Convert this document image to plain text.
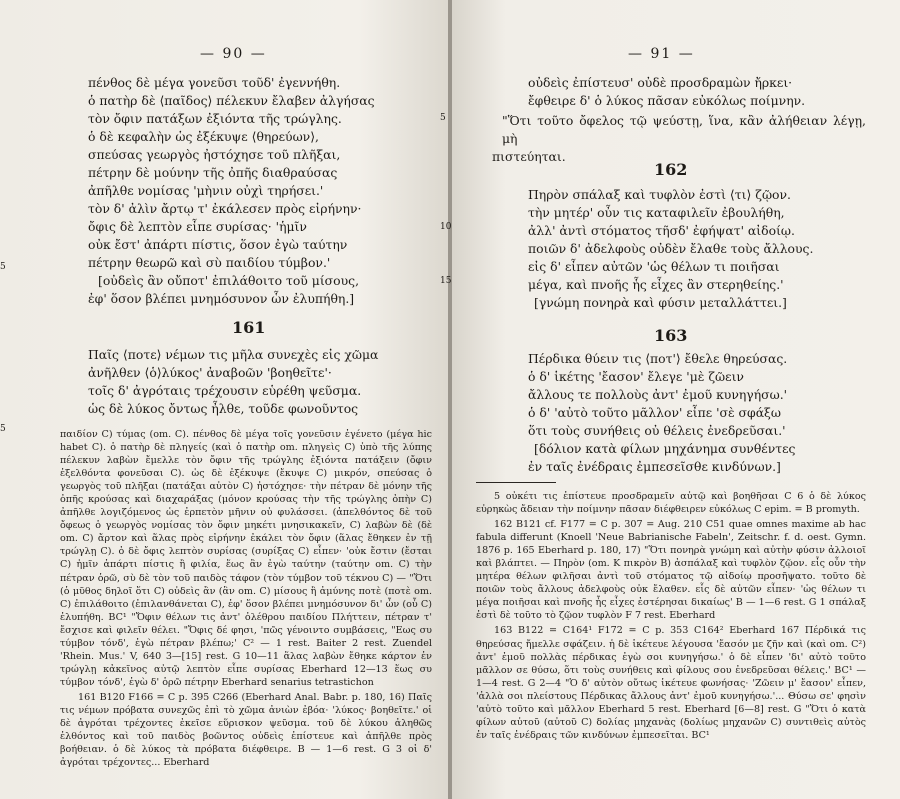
— 90 —
πένθος δὲ μέγα γονεῦσι τοῦδ' ἐγεννήθη.
ὁ πατὴρ δὲ ⟨παῖδος⟩ πέλεκυν ἔλαβεν ἀλγήσας
τὸν ὄφιν πατάξων ἐξιόντα τῆς τρώγλης.
ὁ δὲ κεφαλὴν ὡς ἐξέκυψε ⟨θηρεύων⟩,
σπεύσας γεωργὸς ἠστόχησε τοῦ πλῆξαι,
πέτρην δὲ μούνην τῆς ὀπῆς διαθραύσας
ἀπῆλθε νομίσας 'μὴνιν οὐχὶ τηρήσει.'
τὸν δ' ἀλὶν ἄρτῳ τ' ἐκάλεσεν πρὸς εἰρήνην·
ὄφις δὲ λεπτὸν εἶπε συρίσας· 'ἡμῖν
οὐκ ἔστ' ἀπάρτι πίστις, ὅσον ἐγὼ ταύτην
πέτρην θεωρῶ καὶ σὺ παιδίου τύμβον.'
[οὐδεὶς ἂν οὔποτ' ἐπιλάθοιτο τοῦ μίσους,
ἐφ' ὅσον βλέπει μνημόσυνον ὧν ἐλυπήθη.]
5
10
15
161
Παῖς ⟨ποτε⟩ νέμων τις μῆλα συνεχὲς εἰς χῶμα
ἀνῆλθεν ⟨ὁ⟩λύκος' ἀναβοῶν 'βοηθεῖτε'·
τοῖς δ' ἀγρόταις τρέχουσιν εὑρέθη ψεῦσμα.
ὡς δὲ λύκος ὄντως ἦλθε, τοῦδε φωνοῦντος

παιδίον C) τύμας (om. C). πένθος δὲ μέγα τοῖς γονεῦσιν ἐγένετο (μέγα hic habet C). ὁ πατὴρ δὲ πληγείς (καὶ ὁ πατὴρ om. πληγεὶς C) ὑπὸ τῆς λύπης πέλεκυν λαβὼν ἔμελλε τὸν ὄφιν τῆς τρώγλης ἐξιόντα πατάξειν (ὄφιν ἐξελθόντα φονεῦσαι C). ὡς δὲ ἐξέκυψε (ἔκυψε C) μικρόν, σπεύσας ὁ γεωργὸς τοῦ πλῆξαι (πατάξαι αὐτὸν C) ἠστόχησε· τὴν πέτραν δὲ μόνην τῆς ὀπῆς κρούσας καὶ διαχαράξας (μόνον κρούσας τὴν τῆς τρώγλης ὀπὴν C) ἀπῆλθε λογιζόμενος ὡς ἐρπετὸν μῆνιν οὐ φυλάσσει. (ἀπελθόντος δὲ τοῦ ὄφεως ὁ γεωργὸς νομίσας τὸν ὄφιν μηκέτι μνησικακεῖν, C) λαβὼν δὲ (δὲ om. C) ἄρτον καὶ ἅλας πρὸς εἰρήνην ἐκάλει τὸν ὄφιν (ἅλας ἔθηκεν ἐν τῇ τρώγλῃ C). ὁ δὲ ὄφις λεπτὸν συρίσας (συρίξας C) εἶπεν· 'οὐκ ἔστιν (ἔσται C) ἡμῖν ἀπάρτι πίστις ἢ φιλία, ἕως ἂν ἐγὼ ταύτην (ταύτην om. C) τὴν πέτραν ὁρῶ, σὺ δὲ τὸν τοῦ παιδὸς τάφον (τὸν τύμβον τοῦ τέκνου C) — "Ὅτι (ὁ μῦθος δηλοῖ ὅτι C) οὐδεὶς ἂν (ἂν om. C) μίσους ἢ ἀμύνης ποτὲ (ποτὲ om. C) ἐπιλάθοιτο (ἐπιλανθάνεται C), ἐφ' ὅσον βλέπει μνημόσυνον δι' ὧν (οὗ C) ἐλυπήθη. BC¹ "Ὄφιν θέλων τις ἀντ' ὀλέθρου παιδίου Πλήττειν, πέτραν τ' ἔσχισε καὶ φιλεῖν θέλει. "Ὄφις δέ φησι, 'πῶς γένοιντο συμβάσεις, "Εως συ τύμβον τόνδ', ἐγὼ πέτραν βλέπω;' C² — 1 rest. Baiter 2 rest. Zuendel 'Rhein. Mus.' V, 640 3—[15] rest. G 10—11 ἅλας λαβὼν ἔθηκε κάρτον ἐν τρώγλῃ κἀκεῖνος αὐτῷ λεπτὸν εἶπε συρίσας Eberhard 12—13 ἕως συ τύμβον τόνδ', ἐγὼ δ' ὁρῶ πέτρην Eberhard senarius tetrastichon

161 B120 F166 = C p. 395 C266 (Eberhard Anal. Babr. p. 180, 16) Παῖς τις νέμων πρόβατα συνεχῶς ἐπὶ τὸ χῶμα ἀνιὼν ἐβόα· 'λύκος· βοηθεῖτε.' οἱ δὲ ἀγρόται τρέχοντες ἐκεῖσε εὕρισκον ψεῦσμα. τοῦ δὲ λύκου ἀληθῶς ἐλθόντος καὶ τοῦ παιδὸς βοῶντος οὐδεὶς ἐπίστευε καὶ ἀπῆλθε πρὸς βοήθειαν. ὁ δὲ λύκος τὰ πρόβατα διέφθειρε. B — 1—6 rest. G 3 οἱ δ' ἀγρόται τρέχοντες... Eberhard

— 91 —
οὐδεὶς ἐπίστευσ' οὐδὲ προσδραμὼν ἤρκει·
ἔφθειρε δ' ὁ λύκος πᾶσαν εὐκόλως ποίμνην.
"Ὅτι τοῦτο ὄφελος τῷ ψεύστῃ, ἵνα, κἂν ἀλήθειαν λέγῃ, μὴ
πιστεύηται.
162
Πηρὸν σπάλαξ καὶ τυφλὸν ἐστὶ ⟨τι⟩ ζῷον.
τὴν μητέρ' οὖν τις καταφιλεῖν ἐβουλήθη,
ἀλλ' ἀντὶ στόματος τῆσδ' ἐφήψατ' αἰδοίῳ.
ποιῶν δ' ἀδελφοὺς οὐδὲν ἔλαθε τοὺς ἄλλους.
εἰς δ' εἶπεν αὐτῶν 'ὡς θέλων τι ποιῆσαι
μέγα, καὶ πνοῆς ἧς εἶχες ἂν στερηθείης.'
[γνώμη πονηρὰ καὶ φύσιν μεταλλάττει.]
5
163
Πέρδικα θύειν τις ⟨ποτ'⟩ ἔθελε θηρεύσας.
ὁ δ' ἱκέτης 'ἔασον' ἔλεγε 'μὲ ζῶειν
ἄλλους τε πολλοὺς ἀντ' ἐμοῦ κυνηγήσω.'
ὁ δ' 'αὐτὸ τοῦτο μᾶλλον' εἶπε 'σὲ σφάξω
ὅτι τοὺς συνήθεις οὐ θέλεις ἐνεδρεῦσαι.'
[δόλιον κατὰ φίλων μηχάνημα συνθέντες
ἐν ταῖς ἐνέδραις ἐμπεσεῖσθε κινδύνων.]
5

5 οὐκέτι τις ἐπίστευε προσδραμεῖν αὐτῷ καὶ βοηθῆσαι C 6 ὁ δὲ λύκος εὐρηκὼς ἄδειαν τὴν ποίμνην πᾶσαν διέφθειρεν εὐκόλως C epim. = B promyth.

162 B121 cf. F177 = C p. 307 = Aug. 210 C51 quae omnes maxime ab hac fabula differunt (Knoell 'Neue Babrianische Fabeln', Zeitschr. f. d. oest. Gymn. 1876 p. 165 Eberhard p. 180, 17) "Ὅτι πονηρὰ γνώμη καὶ αὐτὴν φύσιν ἀλλοιοῖ καὶ βλάπτει. — Πηρὸν (om. K πικρὸν B) ἀσπάλαξ καὶ τυφλὸν ζῷον. εἷς οὖν τὴν μητέρα θέλων φιλῆσαι ἀντὶ τοῦ στόματος τῷ αἰδοίῳ προσῆψατο. τοῦτο δὲ ποιῶν τοὺς ἄλλους ἀδελφοὺς οὐκ ἔλαθεν. εἷς δὲ αὐτῶν εἶπεν· 'ὡς θέλων τι μέγα ποιῆσαι καὶ πνοῆς ἧς εἶχες ἐστέρησαι δικαίως' B — 1—6 rest. G 1 σπάλαξ ἐστὶ δὲ τοῦτο τὸ ζῷον τυφλὸν F 7 rest. Eberhard

163 B122 = C164¹ F172 = C p. 353 C164² Eberhard 167 Πέρδικά τις θηρεύσας ἤμελλε σφάζειν. ἡ δὲ ἱκέτευε λέγουσα 'ἔασόν με ζῆν καὶ (καὶ om. C²) ἀντ' ἐμοῦ πολλὰς πέρδικας ἐγὼ σοι κυνηγήσω.' ὁ δὲ εἶπεν 'δι' αὐτὸ τοῦτο μᾶλλον σε θύσω, ὅτι τοὺς συνήθεις καὶ φίλους σου ἐνεδρεῦσαι θέλεις.' BC¹ — 1—4 rest. G 2—4 "Ὁ δ' αὐτὸν οὔτως ἱκέτευε φωνήσας· 'Ζῶειν μ' ἔασον' εἶπεν, 'ἀλλὰ σοι πλείστους Πέρδικας ἄλλους ἀντ' ἐμοῦ κυνηγήσω.'... Θύσω σε' φησὶν 'αὐτὸ τοῦτο καὶ μᾶλλον Eberhard 5 rest. Eberhard [6—8] rest. G "Ὅτι ὁ κατὰ φίλων αὐτοῦ (αὐτοῦ C) δολίας μηχανὰς (δολίως μηχανῶν C) συντιθεὶς αὐτὸς ἐν ταῖς ἐνέδραις τῶν κινδύνων ἐμπεσεῖται. BC¹
